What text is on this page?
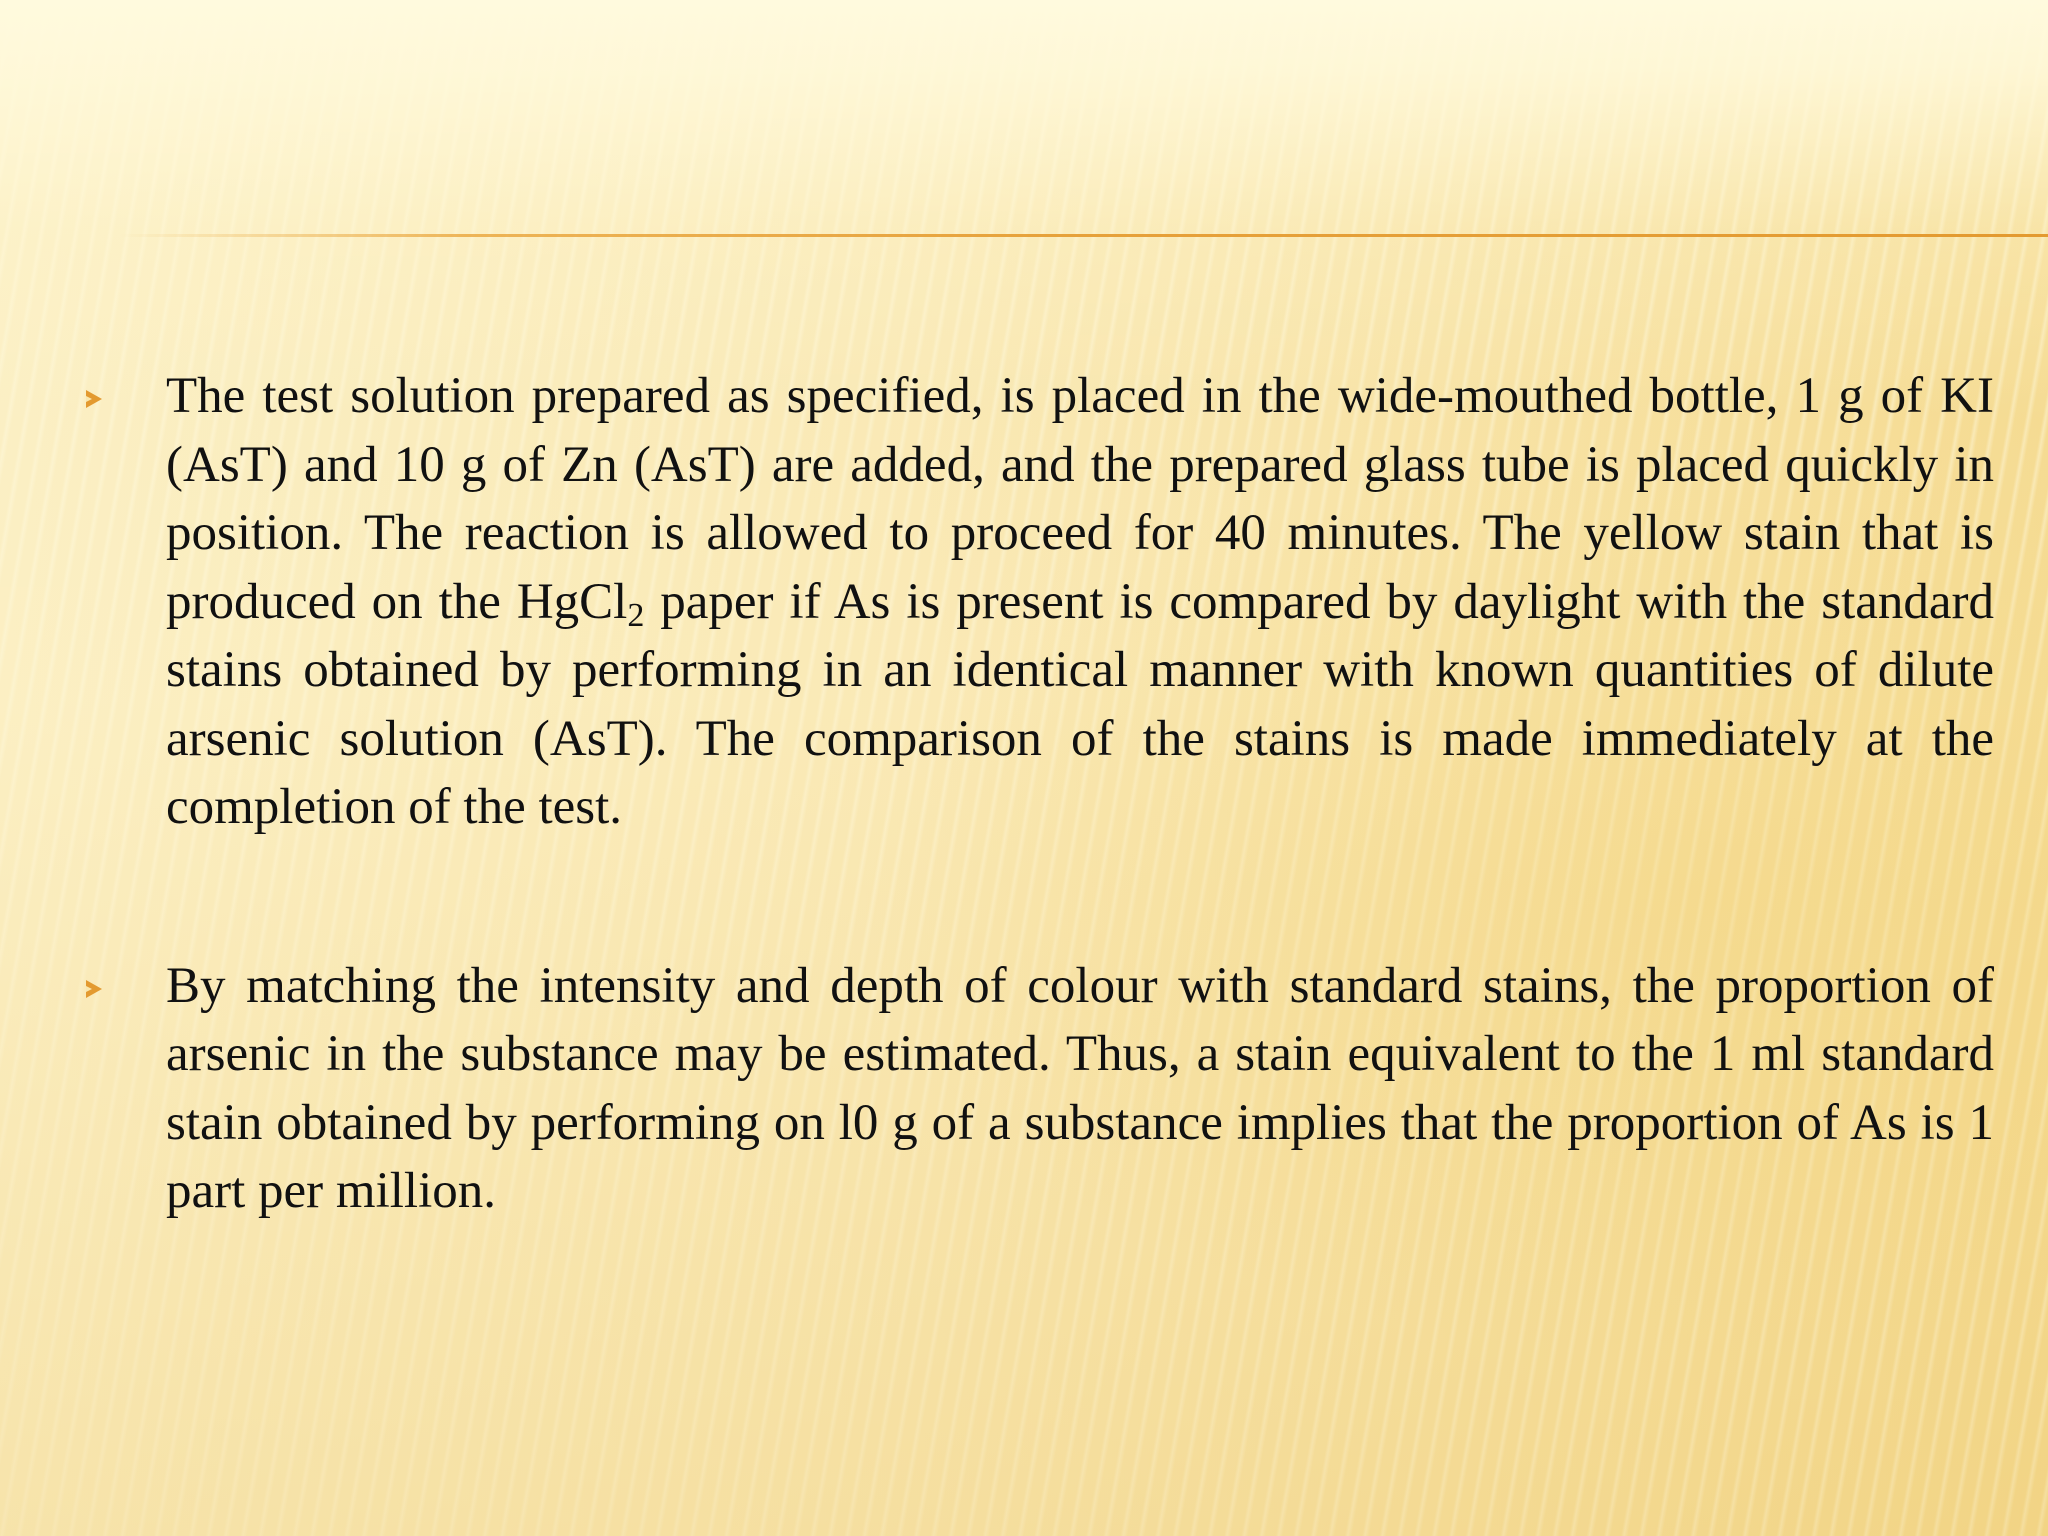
The test solution prepared as specified, is placed in the wide-mouthed bottle, 1 g of KI (AsT) and 10 g of Zn (AsT) are added, and the prepared glass tube is placed quickly in position. The reaction is allowed to proceed for 40 minutes. The yellow stain that is produced on the HgCl$_2$ paper if As is present is compared by daylight with the standard stains obtained by performing in an identical manner with known quantities of dilute arsenic solution (AsT). The comparison of the stains is made immediately at the completion of the test.

By matching the intensity and depth of colour with standard stains, the proportion of arsenic in the substance may be estimated. Thus, a stain equivalent to the 1 ml standard stain obtained by performing on l0 g of a substance implies that the proportion of As is 1 part per million.
